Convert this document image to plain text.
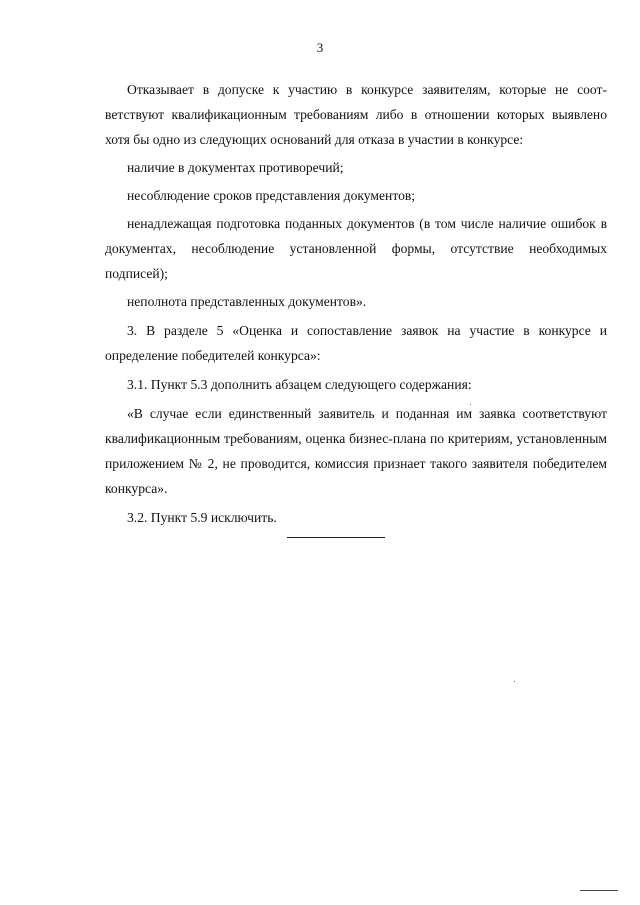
3

Отказывает в допуске к участию в конкурсе заявителям, которые не соответствуют квалификационным требованиям либо в отношении которых выявлено хотя бы одно из следующих оснований для отказа в участии в конкурсе:

наличие в документах противоречий;

несоблюдение сроков представления документов;

ненадлежащая подготовка поданных документов (в том числе наличие ошибок в документах, несоблюдение установленной формы, отсутствие необходимых подписей);

неполнота представленных документов».

3. В разделе 5 «Оценка и сопоставление заявок на участие в конкурсе и определение победителей конкурса»:

3.1. Пункт 5.3 дополнить абзацем следующего содержания:

«В случае если единственный заявитель и поданная им заявка соответствуют квалификационным требованиям, оценка бизнес-плана по критериям, установленным приложением № 2, не проводится, комиссия признает такого заявителя победителем конкурса».

3.2. Пункт 5.9 исключить.
